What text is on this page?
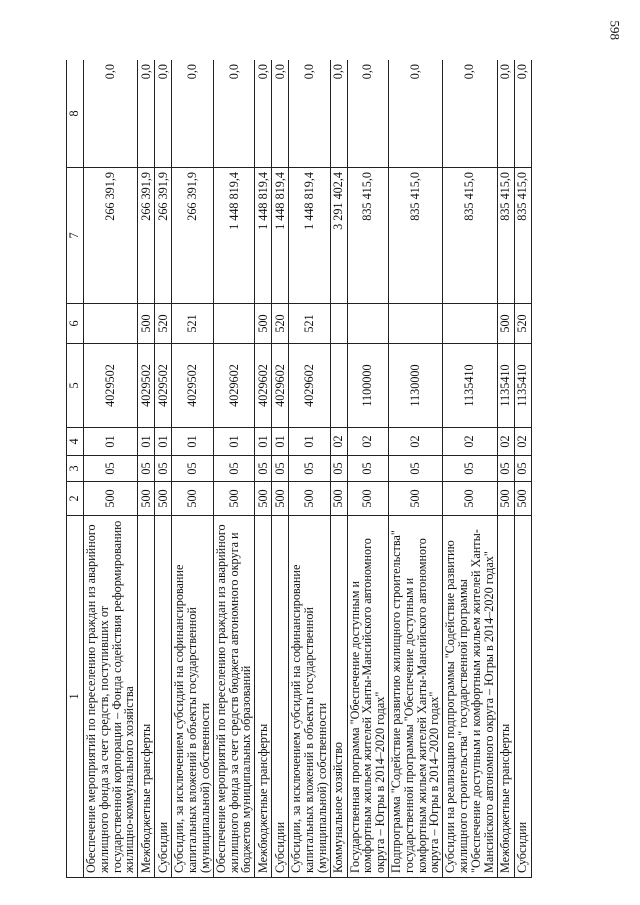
598
1	2	3	4	5	6	7	8
Обеспечение мероприятий по переселению граждан из аварийного жилищного фонда за счет средств, поступивших от государственной корпорации – Фонда содействия реформированию жилищно-коммунального хозяйства	500	05	01	4029502		266 391,9	0,0
Межбюджетные трансферты	500	05	01	4029502	500	266 391,9	0,0
Субсидии	500	05	01	4029502	520	266 391,9	0,0
Субсидии, за исключением субсидий на софинансирование капитальных вложений в объекты государственной (муниципальной) собственности	500	05	01	4029502	521	266 391,9	0,0
Обеспечение мероприятий по переселению граждан из аварийного жилищного фонда за счет средств бюджета автономного округа и бюджетов муниципальных образований	500	05	01	4029602		1 448 819,4	0,0
Межбюджетные трансферты	500	05	01	4029602	500	1 448 819,4	0,0
Субсидии	500	05	01	4029602	520	1 448 819,4	0,0
Субсидии, за исключением субсидий на софинансирование капитальных вложений в объекты государственной (муниципальной) собственности	500	05	01	4029602	521	1 448 819,4	0,0
Коммунальное хозяйство	500	05	02			3 291 402,4	0,0
Государственная программа "Обеспечение доступным и комфортным жильем жителей Ханты-Мансийского автономного округа – Югры в 2014–2020 годах"	500	05	02	1100000		835 415,0	0,0
Подпрограмма "Содействие развитию жилищного строительства" государственной программы "Обеспечение доступным и комфортным жильем жителей Ханты-Мансийского автономного округа – Югры в 2014–2020 годах"	500	05	02	1130000		835 415,0	0,0
Субсидии на реализацию подпрограммы "Содействие развитию жилищного строительства" государственной программы "Обеспечение доступным и комфортным жильем жителей Ханты-Мансийского автономного округа – Югры в 2014–2020 годах"	500	05	02	1135410		835 415,0	0,0
Межбюджетные трансферты	500	05	02	1135410	500	835 415,0	0,0
Субсидии	500	05	02	1135410	520	835 415,0	0,0
